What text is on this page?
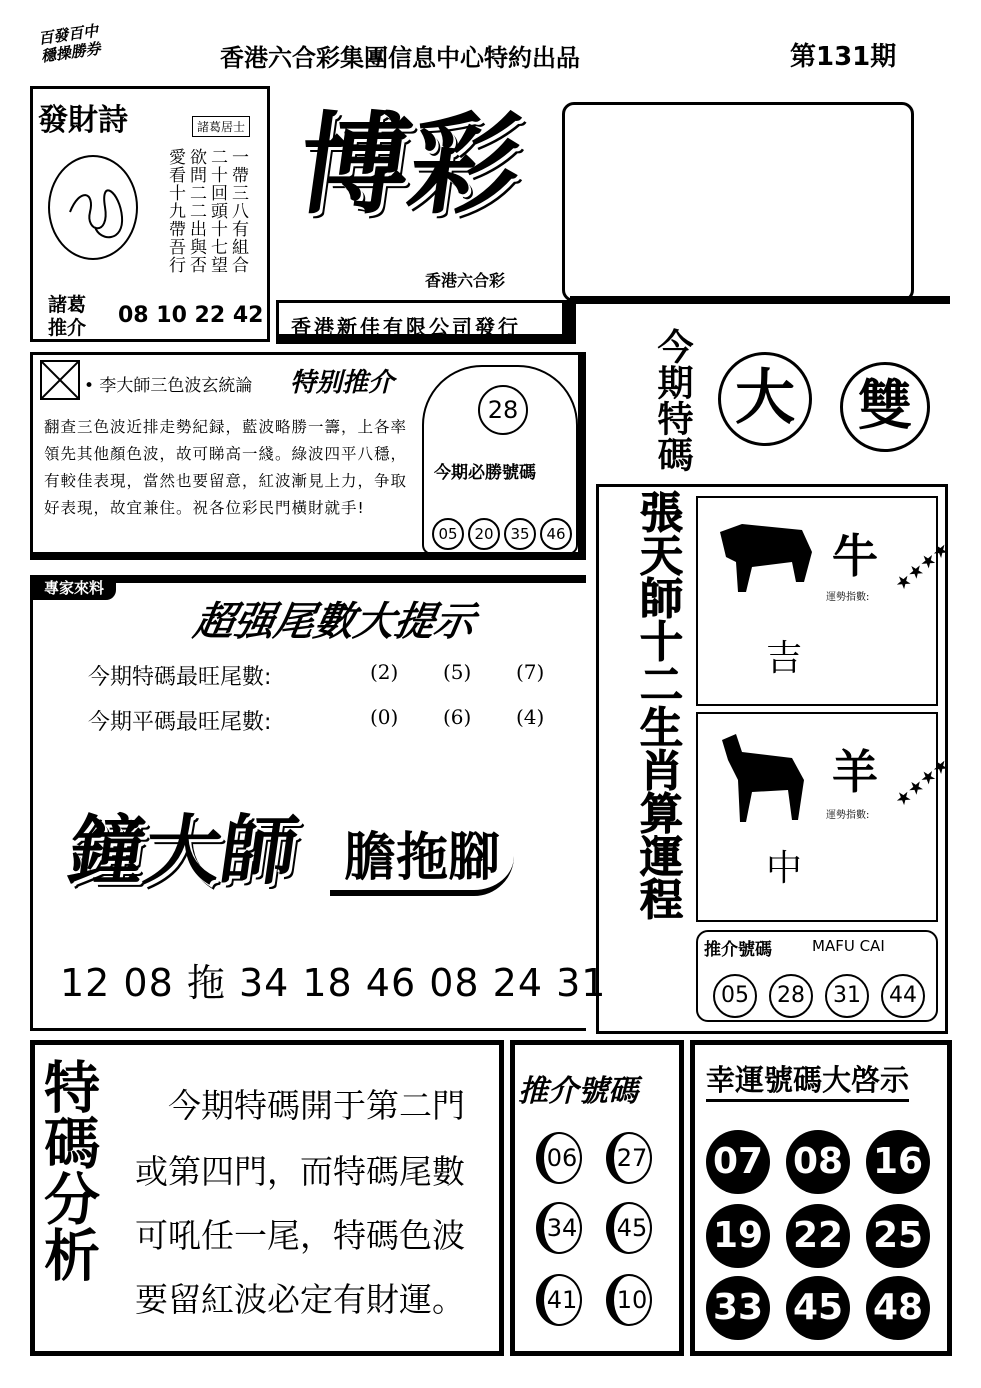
百發百中
穩操勝券	香港六合彩集團信息中心特約出品	第131期
發財詩	諸葛居士
一帶三八有組合
二十回頭十七望
欲問二二出與否
愛看十九帶吾行
諸葛
推介 08 10 22 42
博彩
香港六合彩
香港新佳有限公司發行
• 李大師三色波玄統論 特别推介
翻查三色波近排走勢紀録，藍波略勝一籌，上各率領先其他顏色波，故可睇高一綫。綠波四平八穩，有較佳表現，當然也要留意，紅波漸見上力，争取好表現，故宜兼住。祝各位彩民門橫財就手!
28
今期必勝號碼
05	20	35	46
今期特碼 大	雙
專家來料
超强尾數大提示
今期特碼最旺尾數:	(2) (5) (7)
今期平碼最旺尾數:	(0) (6) (4)
鐘大師 膽拖腳
12 08 拖 34 18 46 08 24 31
張天師十二生肖算運程	牛
運勢指數:
★★★★
吉
羊
運勢指數:
★★★★
中
推介號碼	MAFU CAI
05	28	31	44
特碼分析 今期特碼開于第二門
或第四門，而特碼尾數
可吼任一尾，特碼色波
要留紅波必定有財運。
推介號碼
06	27
34	45
41	10
幸運號碼大啓示
07 08 16
19 22 25
33 45 48
